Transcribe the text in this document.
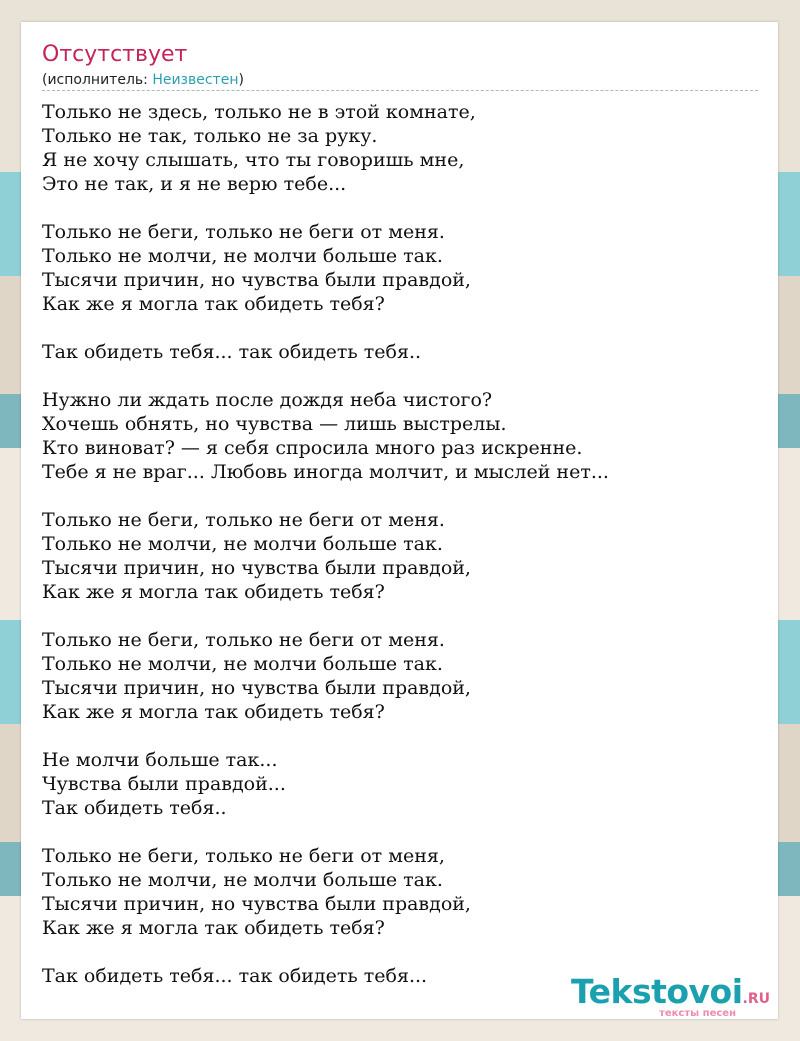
Отсутствует
(исполнитель: Неизвестен)
Только не здесь, только не в этой комнате,
Только не так, только не за руку.
Я не хочу слышать, что ты говоришь мне,
Это не так, и я не верю тебе...
Только не беги, только не беги от меня.
Только не молчи, не молчи больше так.
Тысячи причин, но чувства были правдой,
Как же я могла так обидеть тебя?
Так обидеть тебя... так обидеть тебя..
Нужно ли ждать после дождя неба чистого?
Хочешь обнять, но чувства — лишь выстрелы.
Кто виноват? — я себя спросила много раз искренне.
Тебе я не враг... Любовь иногда молчит, и мыслей нет...
Только не беги, только не беги от меня.
Только не молчи, не молчи больше так.
Тысячи причин, но чувства были правдой,
Как же я могла так обидеть тебя?
Только не беги, только не беги от меня.
Только не молчи, не молчи больше так.
Тысячи причин, но чувства были правдой,
Как же я могла так обидеть тебя?
Не молчи больше так...
Чувства были правдой...
Так обидеть тебя..
Только не беги, только не беги от меня,
Только не молчи, не молчи больше так.
Тысячи причин, но чувства были правдой,
Как же я могла так обидеть тебя?
Так обидеть тебя... так обидеть тебя...	Tekstovoi.RU
тексты песен
